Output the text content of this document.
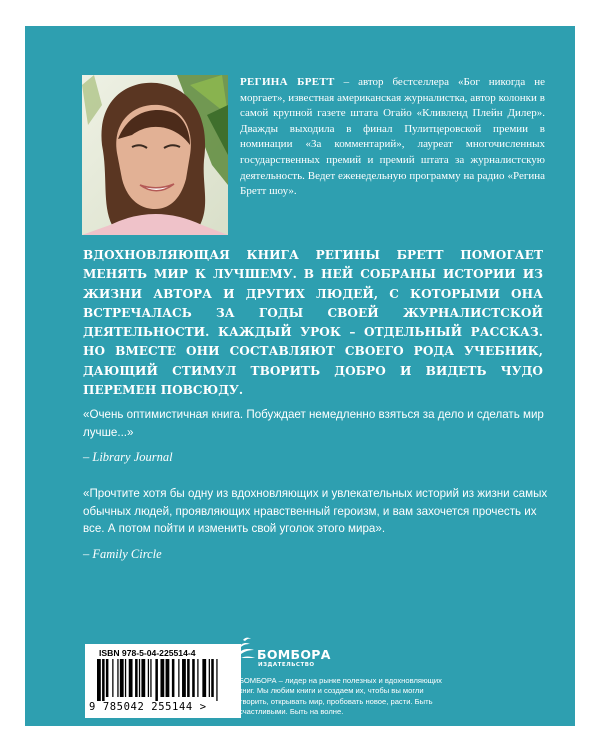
РЕГИНА БРЕТТ – автор бестселлера «Бог никогда не моргает», известная американская журналистка, автор колонки в самой крупной газете штата Огайо «Кливленд Плейн Дилер». Дважды выходила в финал Пулитцеровской премии в номинации «За комментарий», лауреат многочисленных государственных премий и премий штата за журналистскую деятельность. Ведет еженедельную программу на радио «Регина Бретт шоу».

ВДОХНОВЛЯЮЩАЯ КНИГА РЕГИНЫ БРЕТТ ПОМОГАЕТ МЕНЯТЬ МИР К ЛУЧШЕМУ. В НЕЙ СОБРАНЫ ИСТОРИИ ИЗ ЖИЗНИ АВТОРА И ДРУГИХ ЛЮДЕЙ, С КОТОРЫМИ ОНА ВСТРЕЧАЛАСЬ ЗА ГОДЫ СВОЕЙ ЖУРНАЛИСТСКОЙ ДЕЯТЕЛЬНОСТИ. КАЖДЫЙ УРОК – ОТДЕЛЬНЫЙ РАССКАЗ. НО ВМЕСТЕ ОНИ СОСТАВЛЯЮТ СВОЕГО РОДА УЧЕБНИК, ДАЮЩИЙ СТИМУЛ ТВОРИТЬ ДОБРО И ВИДЕТЬ ЧУДО ПЕРЕМЕН ПОВСЮДУ.

«Очень оптимистичная книга. Побуждает немедленно взяться за дело и сделать мир лучше...»

– Library Journal

«Прочтите хотя бы одну из вдохновляющих и увлекательных историй из жизни самых обычных людей, проявляющих нравственный героизм, и вам захочется прочесть их все. А потом пойти и изменить свой уголок этого мира».

– Family Circle

ISBN 978-5-04-225514-4
9 785042 255144 >
БОМБОРА
ИЗДАТЕЛЬСТВО

БОМБОРА – лидер на рынке полезных и вдохновляющих книг. Мы любим книги и создаем их, чтобы вы могли творить, открывать мир, пробовать новое, расти. Быть счастливыми. Быть на волне.
